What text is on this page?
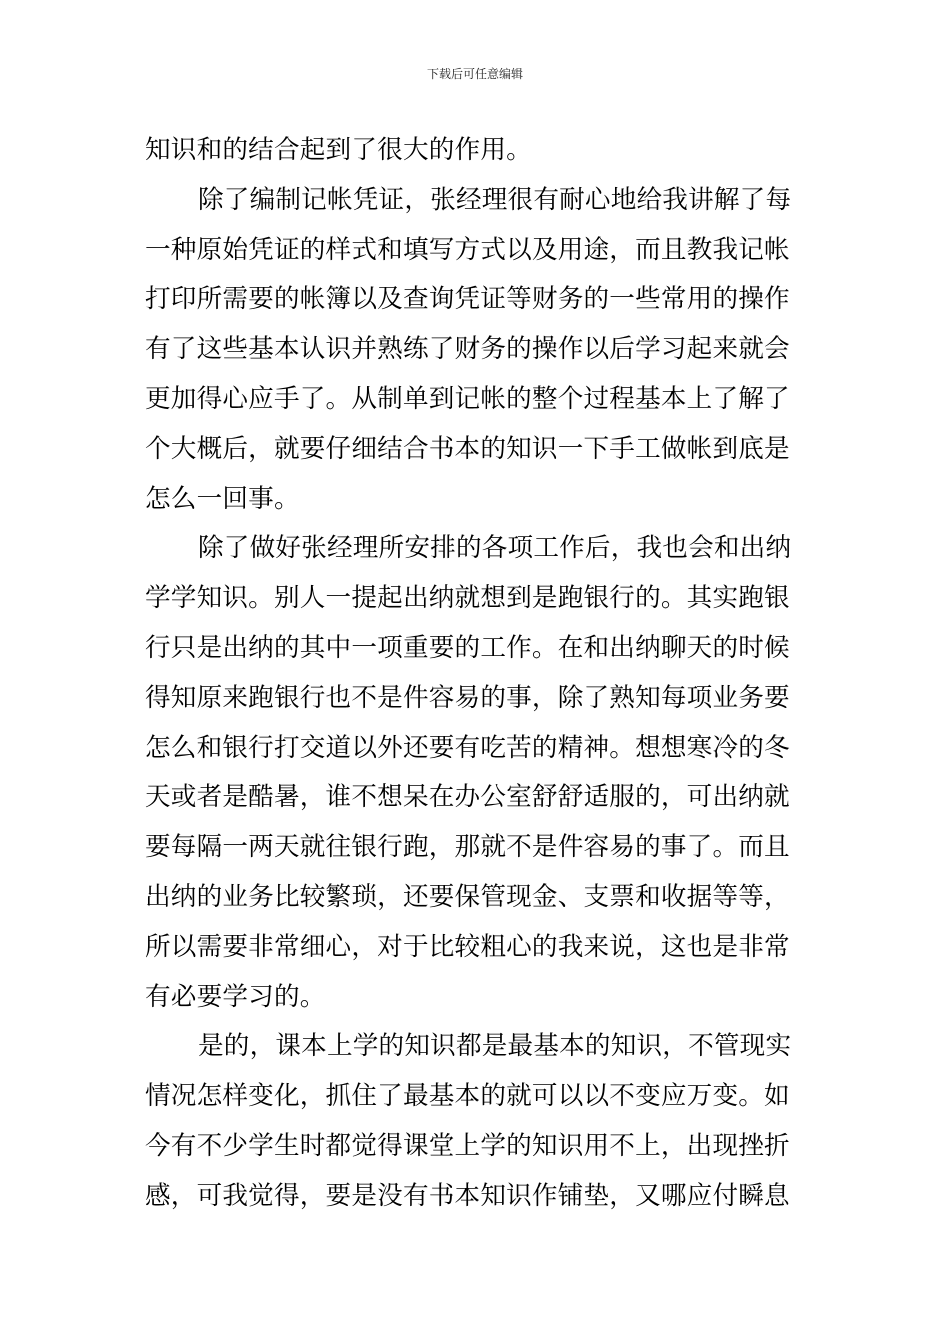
下载后可任意编辑

知识和的结合起到了很大的作用。

除了编制记帐凭证，张经理很有耐心地给我讲解了每
一种原始凭证的样式和填写方式以及用途，而且教我记帐
打印所需要的帐簿以及查询凭证等财务的一些常用的操作
有了这些基本认识并熟练了财务的操作以后学习起来就会
更加得心应手了。从制单到记帐的整个过程基本上了解了
个大概后，就要仔细结合书本的知识一下手工做帐到底是
怎么一回事。

除了做好张经理所安排的各项工作后，我也会和出纳
学学知识。别人一提起出纳就想到是跑银行的。其实跑银
行只是出纳的其中一项重要的工作。在和出纳聊天的时候
得知原来跑银行也不是件容易的事，除了熟知每项业务要
怎么和银行打交道以外还要有吃苦的精神。想想寒冷的冬
天或者是酷暑，谁不想呆在办公室舒舒适服的，可出纳就
要每隔一两天就往银行跑，那就不是件容易的事了。而且
出纳的业务比较繁琐，还要保管现金、支票和收据等等，
所以需要非常细心，对于比较粗心的我来说，这也是非常
有必要学习的。

是的，课本上学的知识都是最基本的知识，不管现实
情况怎样变化，抓住了最基本的就可以以不变应万变。如
今有不少学生时都觉得课堂上学的知识用不上，出现挫折
感，可我觉得，要是没有书本知识作铺垫，又哪应付瞬息
